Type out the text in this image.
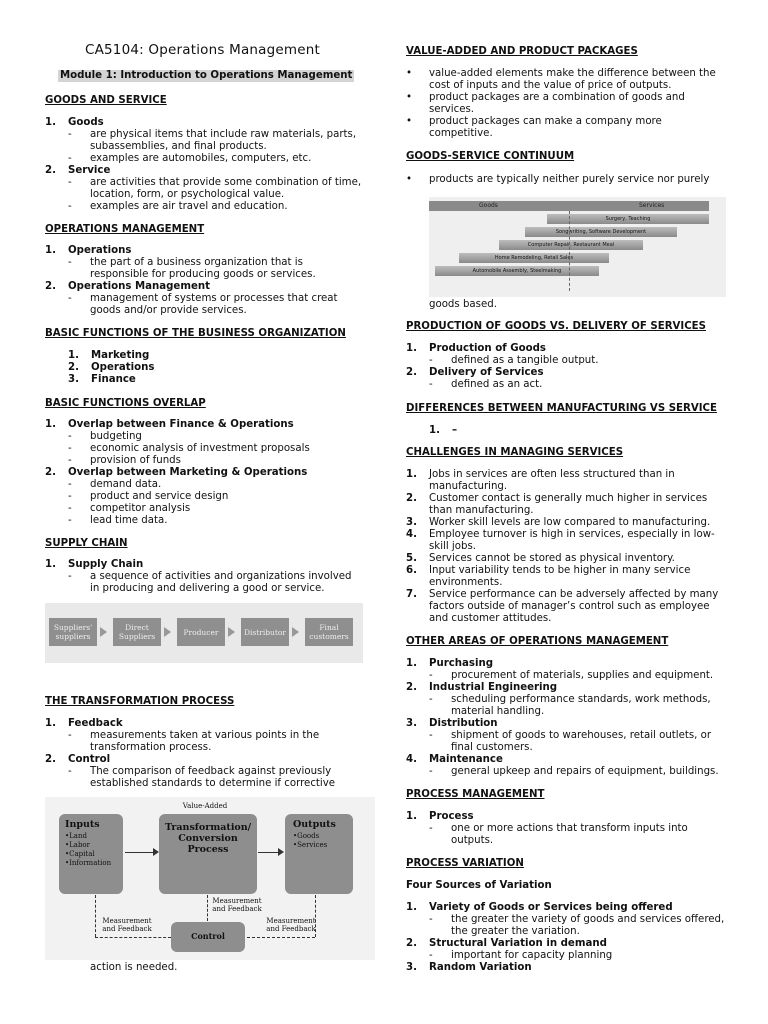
CA5104: Operations Management
Module 1: Introduction to Operations Management
GOODS AND SERVICE
1. Goods
- are physical items that include raw materials, parts, subassemblies, and final products.
- examples are automobiles, computers, etc.
2. Service
- are activities that provide some combination of time, location, form, or psychological value.
- examples are air travel and education.
OPERATIONS MANAGEMENT
1. Operations
- the part of a business organization that is responsible for producing goods or services.
2. Operations Management
- management of systems or processes that creat goods and/or provide services.
BASIC FUNCTIONS OF THE BUSINESS ORGANIZATION
1. Marketing
2. Operations
3. Finance
BASIC FUNCTIONS OVERLAP
1. Overlap between Finance & Operations
- budgeting
- economic analysis of investment proposals
- provision of funds
2. Overlap between Marketing & Operations
- demand data.
- product and service design
- competitor analysis
- lead time data.
SUPPLY CHAIN
1. Supply Chain
- a sequence of activities and organizations involved in producing and delivering a good or service.
Suppliers' suppliers
Direct Suppliers	Producer	Distributor	Final customers
THE TRANSFORMATION PROCESS
1. Feedback
- measurements taken at various points in the transformation process.
2. Control
- The comparison of feedback against previously established standards to determine if corrective
Value-Added
Inputs
•Land
•Labor
•Capital
•Information
Transformation/ Conversion Process
Outputs
•Goods
•Services
Control
Measurement and Feedback
Measurement and Feedback
Measurement and Feedback
action is needed.
VALUE-ADDED AND PRODUCT PACKAGES
• value-added elements make the difference between the cost of inputs and the value of price of outputs.
• product packages are a combination of goods and services.
• product packages can make a company more competitive.
GOODS-SERVICE CONTINUUM
• products are typically neither purely service nor purely
Goods	Services
Surgery, Teaching
Songwriting, Software Development
Computer Repair, Restaurant Meal
Home Remodeling, Retail Sales
Automobile Assembly, Steelmaking
goods based.
PRODUCTION OF GOODS VS. DELIVERY OF SERVICES
1. Production of Goods
- defined as a tangible output.
2. Delivery of Services
- defined as an act.
DIFFERENCES BETWEEN MANUFACTURING VS SERVICE
1. –
CHALLENGES IN MANAGING SERVICES
1. Jobs in services are often less structured than in manufacturing.
2. Customer contact is generally much higher in services than manufacturing.
3. Worker skill levels are low compared to manufacturing.
4. Employee turnover is high in services, especially in low-skill jobs.
5. Services cannot be stored as physical inventory.
6. Input variability tends to be higher in many service environments.
7. Service performance can be adversely affected by many factors outside of manager’s control such as employee and customer attitudes.
OTHER AREAS OF OPERATIONS MANAGEMENT
1. Purchasing
- procurement of materials, supplies and equipment.
2. Industrial Engineering
- scheduling performance standards, work methods, material handling.
3. Distribution
- shipment of goods to warehouses, retail outlets, or final customers.
4. Maintenance
- general upkeep and repairs of equipment, buildings.
PROCESS MANAGEMENT
1. Process
- one or more actions that transform inputs into outputs.
PROCESS VARIATION
Four Sources of Variation
1. Variety of Goods or Services being offered
- the greater the variety of goods and services offered, the greater the variation.
2. Structural Variation in demand
- important for capacity planning
3. Random Variation
